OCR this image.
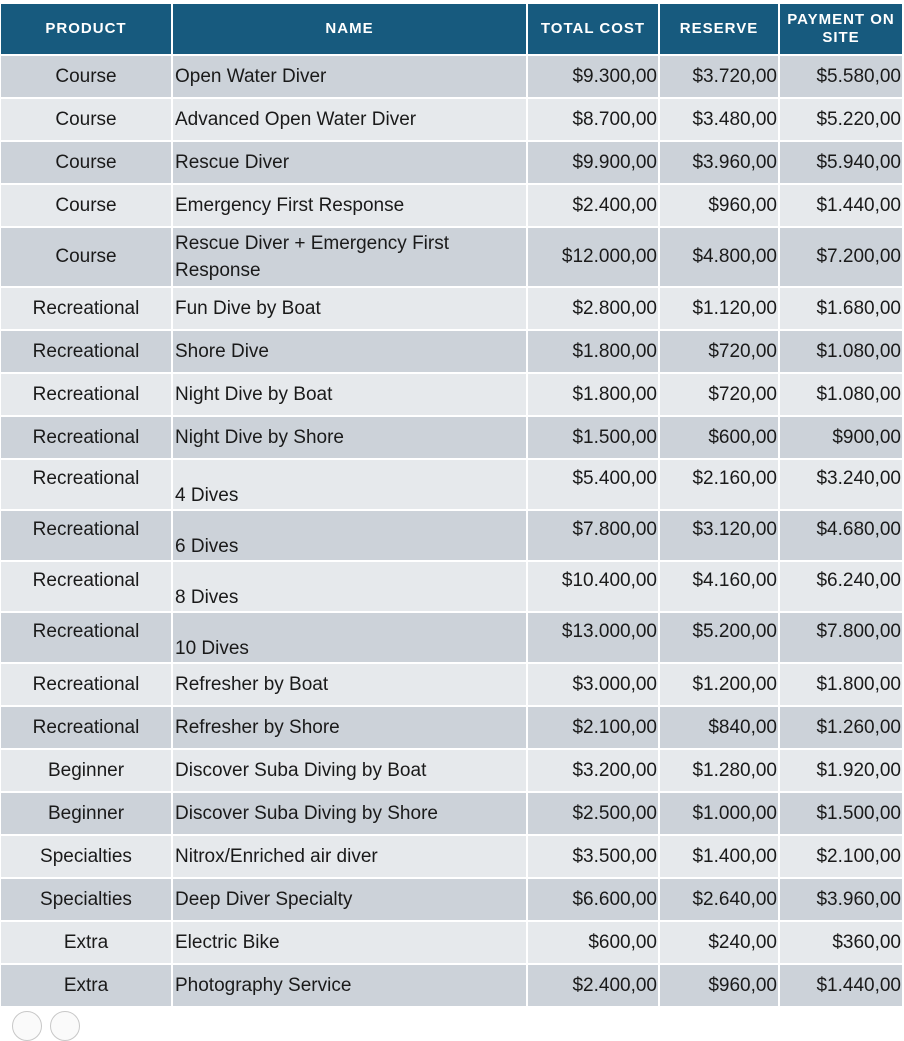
PRODUCT	NAME	TOTAL COST	RESERVE	PAYMENT ON SITE
Course	Open Water Diver	$9.300,00	$3.720,00	$5.580,00
Course	Advanced Open Water Diver	$8.700,00	$3.480,00	$5.220,00
Course	Rescue Diver	$9.900,00	$3.960,00	$5.940,00
Course	Emergency First Response	$2.400,00	$960,00	$1.440,00
Course	Rescue Diver + Emergency First Response	$12.000,00	$4.800,00	$7.200,00
Recreational	Fun Dive by Boat	$2.800,00	$1.120,00	$1.680,00
Recreational	Shore Dive	$1.800,00	$720,00	$1.080,00
Recreational	Night Dive by Boat	$1.800,00	$720,00	$1.080,00
Recreational	Night Dive by Shore	$1.500,00	$600,00	$900,00
Recreational	4 Dives	$5.400,00	$2.160,00	$3.240,00
Recreational	6 Dives	$7.800,00	$3.120,00	$4.680,00
Recreational	8 Dives	$10.400,00	$4.160,00	$6.240,00
Recreational	10 Dives	$13.000,00	$5.200,00	$7.800,00
Recreational	Refresher by Boat	$3.000,00	$1.200,00	$1.800,00
Recreational	Refresher by Shore	$2.100,00	$840,00	$1.260,00
Beginner	Discover Suba Diving by Boat	$3.200,00	$1.280,00	$1.920,00
Beginner	Discover Suba Diving by Shore	$2.500,00	$1.000,00	$1.500,00
Specialties	Nitrox/Enriched air diver	$3.500,00	$1.400,00	$2.100,00
Specialties	Deep Diver Specialty	$6.600,00	$2.640,00	$3.960,00
Extra	Electric Bike	$600,00	$240,00	$360,00
Extra	Photography Service	$2.400,00	$960,00	$1.440,00
